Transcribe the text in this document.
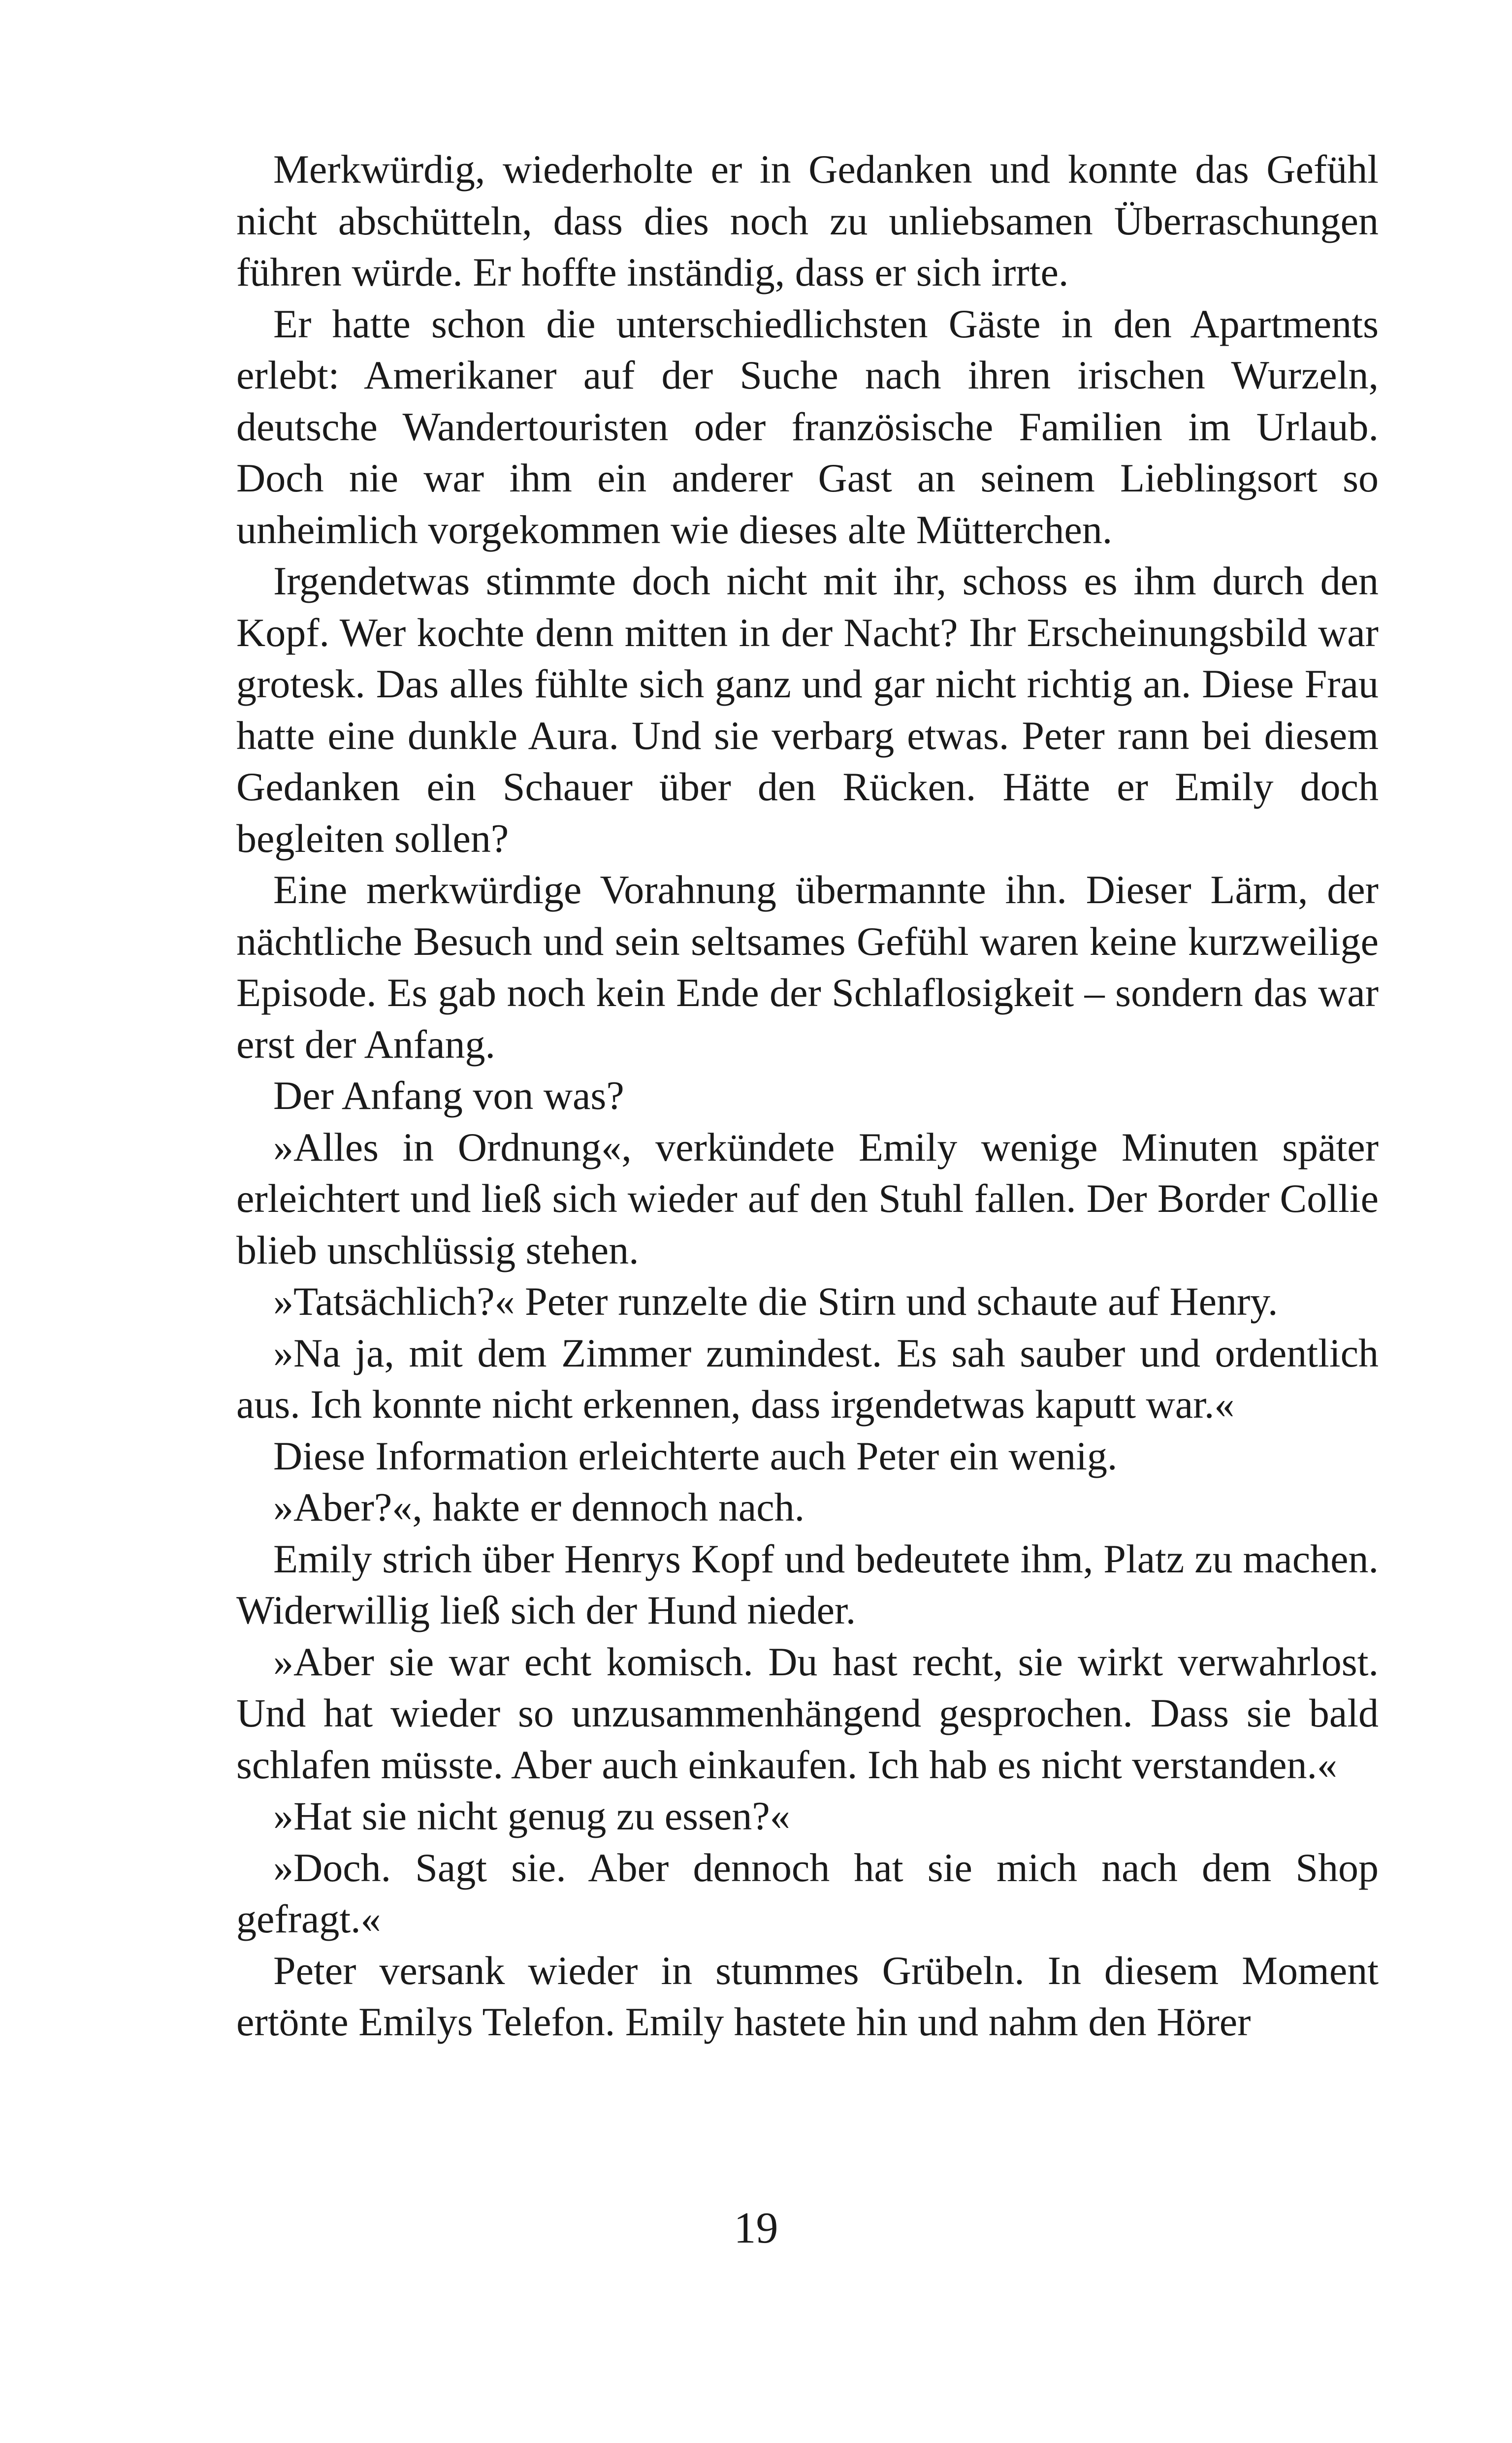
Merkwürdig, wiederholte er in Gedanken und konnte das Gefühl nicht abschütteln, dass dies noch zu unliebsamen Überraschungen führen würde. Er hoffte inständig, dass er sich irrte.

Er hatte schon die unterschiedlichsten Gäste in den Apartments erlebt: Amerikaner auf der Suche nach ihren irischen Wurzeln, deutsche Wandertouristen oder französische Familien im Urlaub. Doch nie war ihm ein anderer Gast an seinem Lieblingsort so unheimlich vorgekommen wie dieses alte Mütterchen.

Irgendetwas stimmte doch nicht mit ihr, schoss es ihm durch den Kopf. Wer kochte denn mitten in der Nacht? Ihr Erscheinungsbild war grotesk. Das alles fühlte sich ganz und gar nicht richtig an. Diese Frau hatte eine dunkle Aura. Und sie verbarg etwas. Peter rann bei diesem Gedanken ein Schauer über den Rücken. Hätte er Emily doch begleiten sollen?

Eine merkwürdige Vorahnung übermannte ihn. Dieser Lärm, der nächtliche Besuch und sein seltsames Gefühl waren keine kurzweilige Episode. Es gab noch kein Ende der Schlaflosigkeit – sondern das war erst der Anfang.

Der Anfang von was?

»Alles in Ordnung«, verkündete Emily wenige Minuten später erleichtert und ließ sich wieder auf den Stuhl fallen. Der Border Collie blieb unschlüssig stehen.

»Tatsächlich?« Peter runzelte die Stirn und schaute auf Henry.

»Na ja, mit dem Zimmer zumindest. Es sah sauber und ordentlich aus. Ich konnte nicht erkennen, dass irgendetwas kaputt war.«

Diese Information erleichterte auch Peter ein wenig.

»Aber?«, hakte er dennoch nach.

Emily strich über Henrys Kopf und bedeutete ihm, Platz zu machen. Widerwillig ließ sich der Hund nieder.

»Aber sie war echt komisch. Du hast recht, sie wirkt verwahrlost. Und hat wieder so unzusammenhängend gesprochen. Dass sie bald schlafen müsste. Aber auch einkaufen. Ich hab es nicht verstanden.«

»Hat sie nicht genug zu essen?«

»Doch. Sagt sie. Aber dennoch hat sie mich nach dem Shop gefragt.«

Peter versank wieder in stummes Grübeln. In diesem Moment ertönte Emilys Telefon. Emily hastete hin und nahm den Hörer

19
